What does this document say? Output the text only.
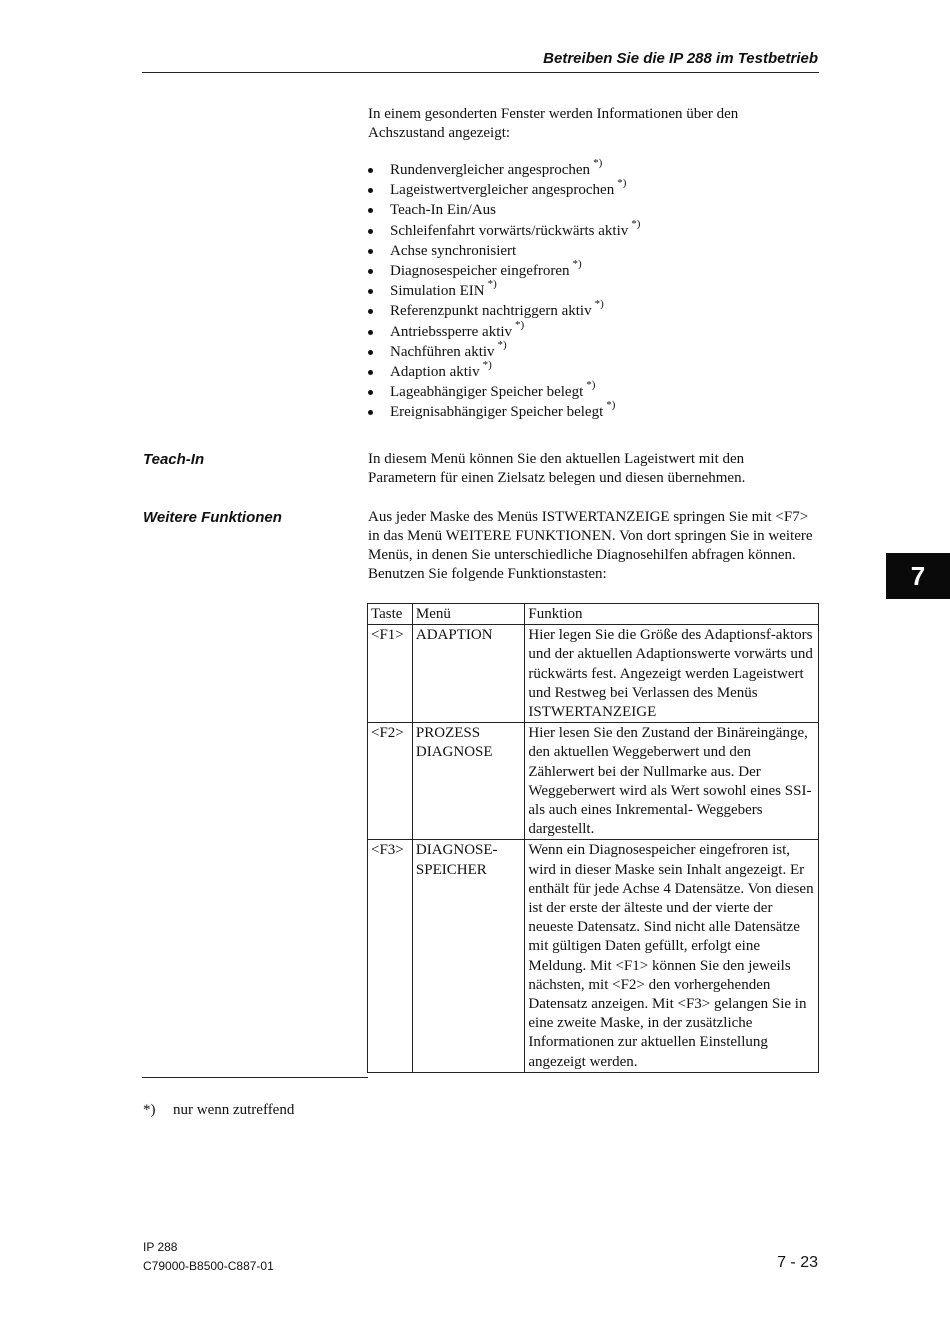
Betreiben Sie die IP 288 im Testbetrieb
In einem gesonderten Fenster werden Informationen über den Achszustand angezeigt:
Rundenvergleicher angesprochen *)
Lageistwertvergleicher angesprochen *)
Teach-In Ein/Aus
Schleifenfahrt vorwärts/rückwärts aktiv *)
Achse synchronisiert
Diagnosespeicher eingefroren *)
Simulation EIN *)
Referenzpunkt nachtriggern aktiv *)
Antriebssperre aktiv *)
Nachführen aktiv *)
Adaption aktiv *)
Lageabhängiger Speicher belegt *)
Ereignisabhängiger Speicher belegt *)
Teach-In	In diesem Menü können Sie den aktuellen Lageistwert mit den Parametern für einen Zielsatz belegen und diesen übernehmen.
Weitere Funktionen	Aus jeder Maske des Menüs ISTWERTANZEIGE springen Sie mit <F7> in das Menü WEITERE FUNKTIONEN. Von dort springen Sie in weitere Menüs, in denen Sie unterschiedliche Diagnosehilfen abfragen können. Benutzen Sie folgende Funktionstasten:	7
Taste	Menü	Funktion
<F1>	ADAPTION	Hier legen Sie die Größe des Adaptionsf-aktors und der aktuellen Adaptionswerte vorwärts und rückwärts fest. Angezeigt werden Lageistwert und Restweg bei Verlassen des Menüs ISTWERTANZEIGE
<F2>	PROZESS DIAGNOSE	Hier lesen Sie den Zustand der Binäreingänge, den aktuellen Weggeberwert und den Zählerwert bei der Nullmarke aus. Der Weggeberwert wird als Wert sowohl eines SSI- als auch eines Inkremental- Weggebers dargestellt.
<F3>	DIAGNOSE-SPEICHER	Wenn ein Diagnosespeicher eingefroren ist, wird in dieser Maske sein Inhalt angezeigt. Er enthält für jede Achse 4 Datensätze. Von diesen ist der erste der älteste und der vierte der neueste Datensatz. Sind nicht alle Datensätze mit gültigen Daten gefüllt, erfolgt eine Meldung. Mit <F1> können Sie den jeweils nächsten, mit <F2> den vorhergehenden Datensatz anzeigen. Mit <F3> gelangen Sie in eine zweite Maske, in der zusätzliche Informationen zur aktuellen Einstellung angezeigt werden.
*) nur wenn zutreffend
IP 288
C79000-B8500-C887-01	7 - 23
